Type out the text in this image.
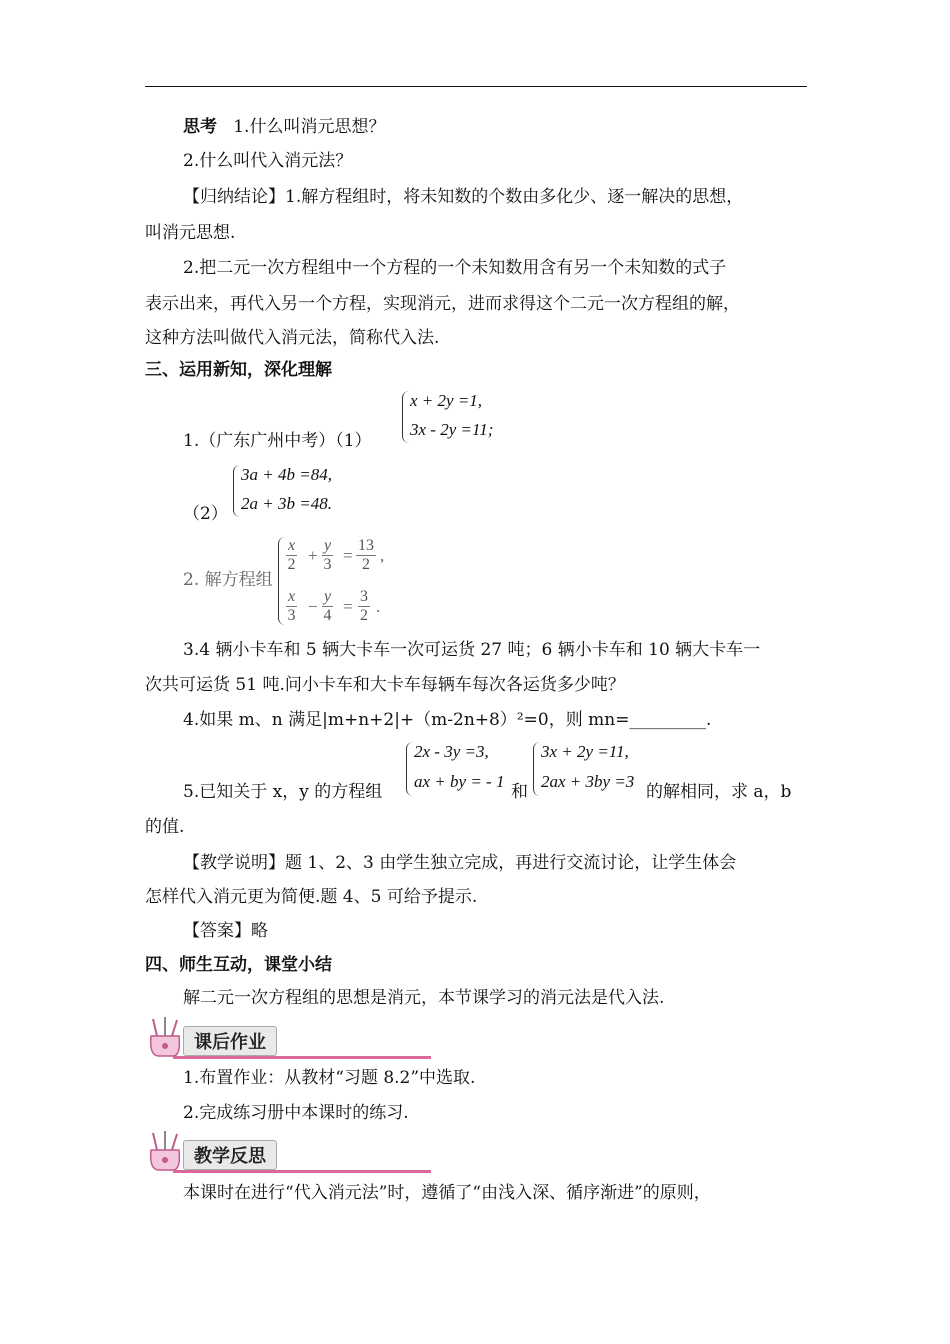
思考 1.什么叫消元思想？
2.什么叫代入消元法？
【归纳结论】1.解方程组时，将未知数的个数由多化少、逐一解决的思想，
叫消元思想.
2.把二元一次方程组中一个方程的一个未知数用含有另一个未知数的式子
表示出来，再代入另一个方程，实现消元，进而求得这个二元一次方程组的解，
这种方法叫做代入消元法，简称代入法.
三、运用新知，深化理解
1.（广东广州中考）（1）
x + 2y =1,
3x - 2y =11;
（2）
3a + 4b =84,
2a + 3b =48.
2. 解方程组
$\frac{x}{2} + \frac{y}{3} = \frac{13}{2}$ ,
$\frac{x}{3} - \frac{y}{4} = \frac{3}{2}$ .
3.4 辆小卡车和 5 辆大卡车一次可运货 27 吨；6 辆小卡车和 10 辆大卡车一
次共可运货 51 吨.问小卡车和大卡车每辆车每次各运货多少吨？
4.如果 m、n 满足|m+n+2|+（m-2n+8）²=0，则 mn=_________.
5.已知关于 x，y 的方程组
2x - 3y =3,
ax + by = - 1
和
3x + 2y =11,
2ax + 3by =3
的解相同，求 a，b
的值.
【教学说明】题 1、2、3 由学生独立完成，再进行交流讨论，让学生体会
怎样代入消元更为简便.题 4、5 可给予提示.
【答案】略
四、师生互动，课堂小结
解二元一次方程组的思想是消元，本节课学习的消元法是代入法.
课后作业
1.布置作业：从教材“习题 8.2”中选取.
2.完成练习册中本课时的练习.
教学反思
本课时在进行“代入消元法”时，遵循了“由浅入深、循序渐进”的原则，
